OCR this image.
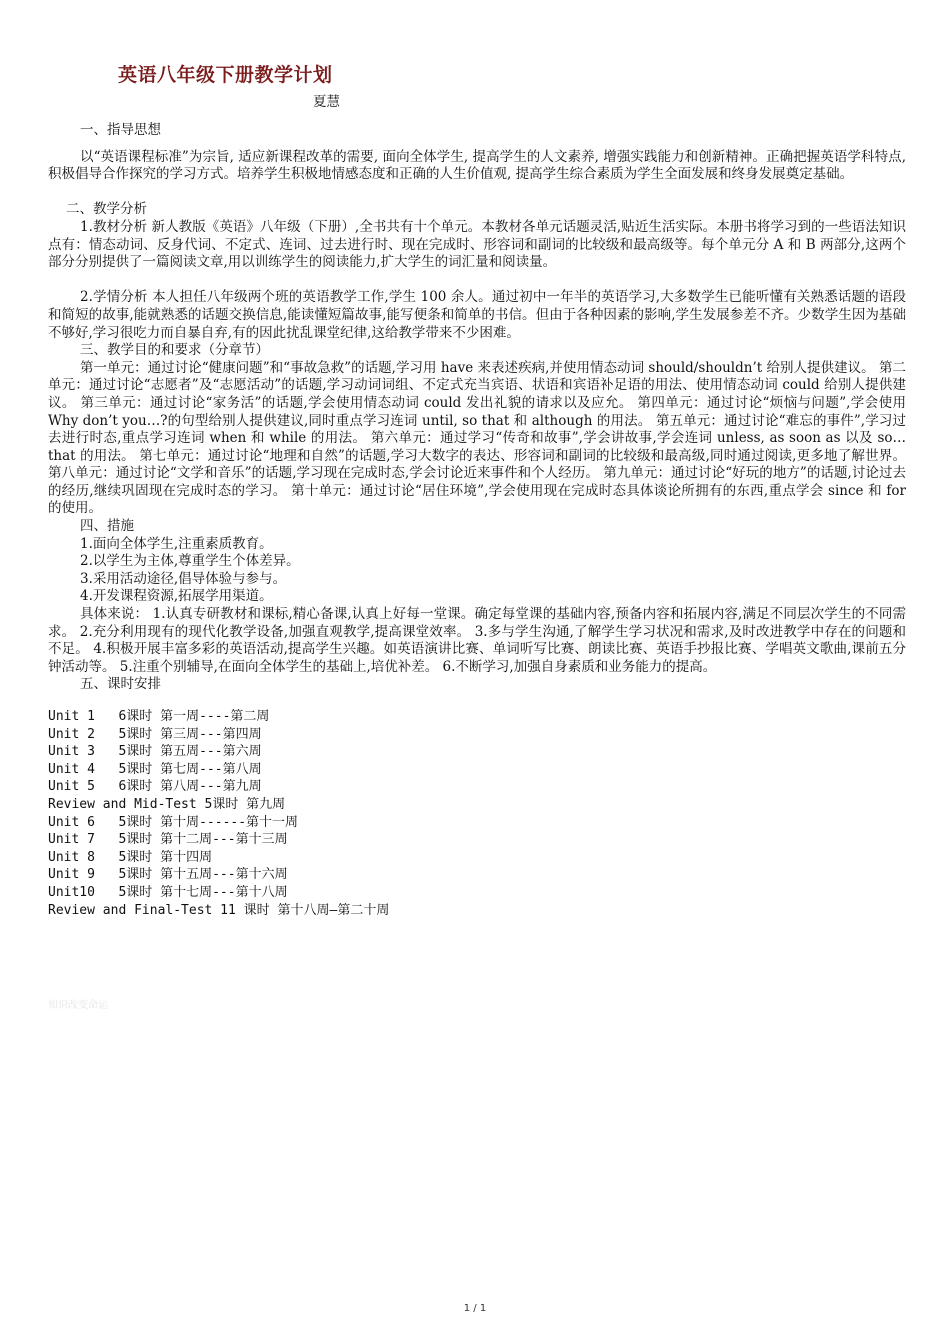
英语八年级下册教学计划
夏慧

一、指导思想

以“英语课程标准”为宗旨, 适应新课程改革的需要, 面向全体学生, 提高学生的人文素养, 增强实践能力和创新精神。正确把握英语学科特点, 积极倡导合作探究的学习方式。培养学生积极地情感态度和正确的人生价值观, 提高学生综合素质为学生全面发展和终身发展奠定基础。

二、教学分析

1.教材分析 新人教版《英语》八年级（下册）,全书共有十个单元。本教材各单元话题灵活,贴近生活实际。本册书将学习到的一些语法知识点有：情态动词、反身代词、不定式、连词、过去进行时、现在完成时、形容词和副词的比较级和最高级等。每个单元分 A 和 B 两部分,这两个部分分别提供了一篇阅读文章,用以训练学生的阅读能力,扩大学生的词汇量和阅读量。

2.学情分析 本人担任八年级两个班的英语教学工作,学生 100 余人。通过初中一年半的英语学习,大多数学生已能听懂有关熟悉话题的语段和简短的故事,能就熟悉的话题交换信息,能读懂短篇故事,能写便条和简单的书信。但由于各种因素的影响,学生发展参差不齐。少数学生因为基础不够好,学习很吃力而自暴自弃,有的因此扰乱课堂纪律,这给教学带来不少困难。

三、教学目的和要求（分章节）

第一单元：通过讨论“健康问题”和“事故急救”的话题,学习用 have 来表述疾病,并使用情态动词 should/shouldn’t 给别人提供建议。 第二单元：通过讨论“志愿者”及“志愿活动”的话题,学习动词词组、不定式充当宾语、状语和宾语补足语的用法、使用情态动词 could 给别人提供建议。 第三单元：通过讨论“家务活”的话题,学会使用情态动词 could 发出礼貌的请求以及应允。 第四单元：通过讨论“烦恼与问题”,学会使用 Why don’t you…?的句型给别人提供建议,同时重点学习连词 until, so that 和 although 的用法。 第五单元：通过讨论“难忘的事件”,学习过去进行时态,重点学习连词 when 和 while 的用法。 第六单元：通过学习“传奇和故事”,学会讲故事,学会连词 unless, as soon as 以及 so…that 的用法。 第七单元：通过讨论“地理和自然”的话题,学习大数字的表达、形容词和副词的比较级和最高级,同时通过阅读,更多地了解世界。 第八单元：通过讨论“文学和音乐”的话题,学习现在完成时态,学会讨论近来事件和个人经历。 第九单元：通过讨论“好玩的地方”的话题,讨论过去的经历,继续巩固现在完成时态的学习。 第十单元：通过讨论“居住环境”,学会使用现在完成时态具体谈论所拥有的东西,重点学会 since 和 for 的使用。

四、措施

1.面向全体学生,注重素质教育。

2.以学生为主体,尊重学生个体差异。

3.采用活动途径,倡导体验与参与。

4.开发课程资源,拓展学用渠道。

具体来说： 1.认真专研教材和课标,精心备课,认真上好每一堂课。确定每堂课的基础内容,预备内容和拓展内容,满足不同层次学生的不同需求。 2.充分利用现有的现代化教学设备,加强直观教学,提高课堂效率。 3.多与学生沟通,了解学生学习状况和需求,及时改进教学中存在的问题和不足。 4.积极开展丰富多彩的英语活动,提高学生兴趣。如英语演讲比赛、单词听写比赛、朗读比赛、英语手抄报比赛、学唱英文歌曲,课前五分钟活动等。 5.注重个别辅导,在面向全体学生的基础上,培优补差。 6.不断学习,加强自身素质和业务能力的提高。

五、课时安排

Unit 1   6课时 第一周----第二周
Unit 2   5课时 第三周---第四周
Unit 3   5课时 第五周---第六周
Unit 4   5课时 第七周---第八周
Unit 5   6课时 第八周---第九周
Review and Mid-Test 5课时 第九周
Unit 6   5课时 第十周------第十一周
Unit 7   5课时 第十二周---第十三周
Unit 8   5课时 第十四周
Unit 9   5课时 第十五周---第十六周
Unit10   5课时 第十七周---第十八周
Review and Final-Test 11 课时 第十八周—第二十周
知识改变命运
1 / 1
